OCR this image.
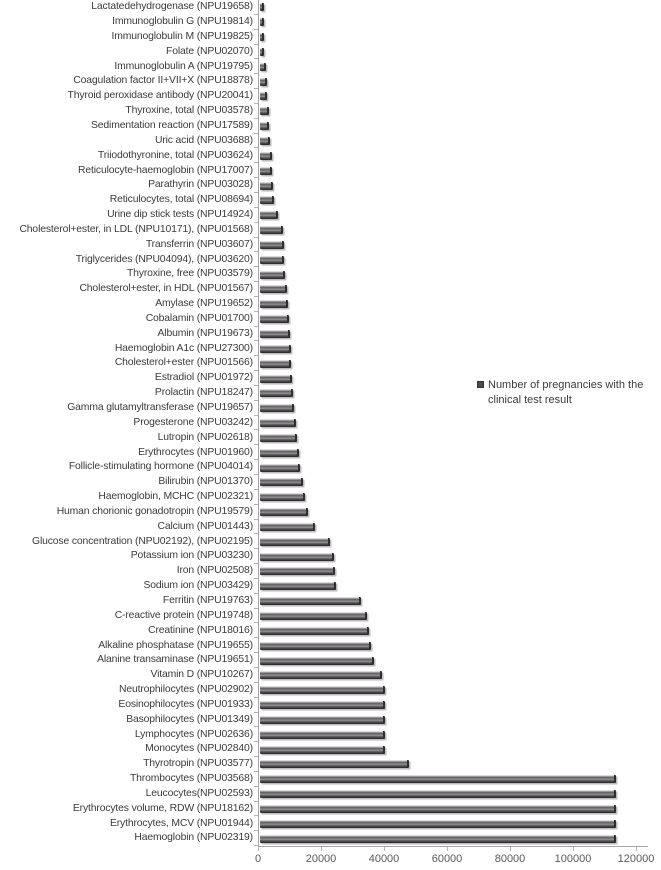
Lactatedehydrogenase (NPU19658)
Immunoglobulin G (NPU19814)
Immunoglobulin M (NPU19825)
Folate (NPU02070)
Immunoglobulin A (NPU19795)
Coagulation factor II+VII+X (NPU18878)
Thyroid peroxidase antibody (NPU20041)
Thyroxine, total (NPU03578)
Sedimentation reaction (NPU17589)
Uric acid (NPU03688)
Triiodothyronine, total (NPU03624)
Reticulocyte-haemoglobin (NPU17007)
Parathyrin (NPU03028)
Reticulocytes, total (NPU08694)
Urine dip stick tests (NPU14924)
Cholesterol+ester, in LDL (NPU10171), (NPU01568)
Transferrin (NPU03607)
Triglycerides (NPU04094), (NPU03620)
Thyroxine, free (NPU03579)
Cholesterol+ester, in HDL (NPU01567)
Amylase (NPU19652)
Cobalamin (NPU01700)
Albumin (NPU19673)
Haemoglobin A1c (NPU27300)
Cholesterol+ester (NPU01566)
Estradiol (NPU01972)
Prolactin (NPU18247)
Gamma glutamyltransferase (NPU19657)
Progesterone (NPU03242)
Lutropin (NPU02618)
Erythrocytes (NPU01960)
Follicle-stimulating hormone (NPU04014)
Bilirubin (NPU01370)
Haemoglobin, MCHC (NPU02321)
Human chorionic gonadotropin (NPU19579)
Calcium (NPU01443)
Glucose concentration (NPU02192), (NPU02195)
Potassium ion (NPU03230)
Iron (NPU02508)
Sodium ion (NPU03429)
Ferritin (NPU19763)
C-reactive protein (NPU19748)
Creatinine (NPU18016)
Alkaline phosphatase (NPU19655)
Alanine transaminase (NPU19651)
Vitamin D (NPU10267)
Neutrophilocytes (NPU02902)
Eosinophilocytes (NPU01933)
Basophilocytes (NPU01349)
Lymphocytes (NPU02636)
Monocytes (NPU02840)
Thyrotropin (NPU03577)
Thrombocytes (NPU03568)
Leucocytes(NPU02593)
Erythrocytes volume, RDW (NPU18162)
Erythrocytes, MCV (NPU01944)
Haemoglobin (NPU02319)
0	20000	40000	60000	80000	100000 120000
Number of pregnancies with the clinical test result
